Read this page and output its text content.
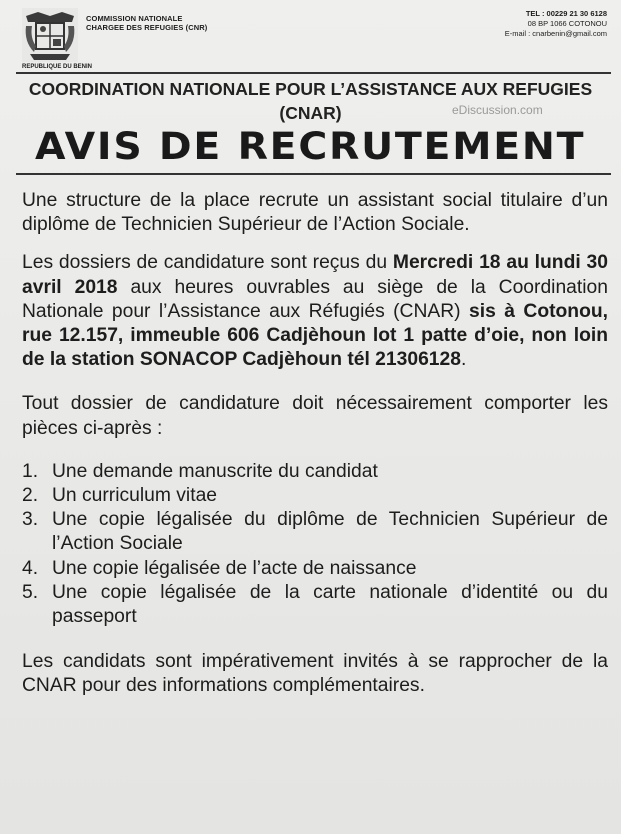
COMMISSION NATIONALE
CHARGEE DES REFUGIES (CNR)
REPUBLIQUE DU BENIN
TEL : 00229 21 30 6128
08 BP 1066 COTONOU
E-mail : cnarbenin@gmail.com
COORDINATION NATIONALE POUR L’ASSISTANCE AUX REFUGIES
(CNAR)	eDiscussion.com
AVIS DE RECRUTEMENT

Une structure de la place recrute un assistant social titulaire d’un diplôme de Technicien Supérieur de l’Action Sociale.

Les dossiers de candidature sont reçus du Mercredi 18 au lundi 30 avril 2018 aux heures ouvrables au siège de la Coordination Nationale pour l’Assistance aux Réfugiés (CNAR) sis à Cotonou, rue 12.157, immeuble 606 Cadjèhoun lot 1 patte d’oie, non loin de la station SONACOP Cadjèhoun tél 21306128.

Tout dossier de candidature doit nécessairement comporter les pièces ci-après :

1. Une demande manuscrite du candidat
2. Un curriculum vitae
3. Une copie légalisée du diplôme de Technicien Supérieur de l’Action Sociale
4. Une copie légalisée de l’acte de naissance
5. Une copie légalisée de la carte nationale d’identité ou du passeport

Les candidats sont impérativement invités à se rapprocher de la CNAR pour des informations complémentaires.
